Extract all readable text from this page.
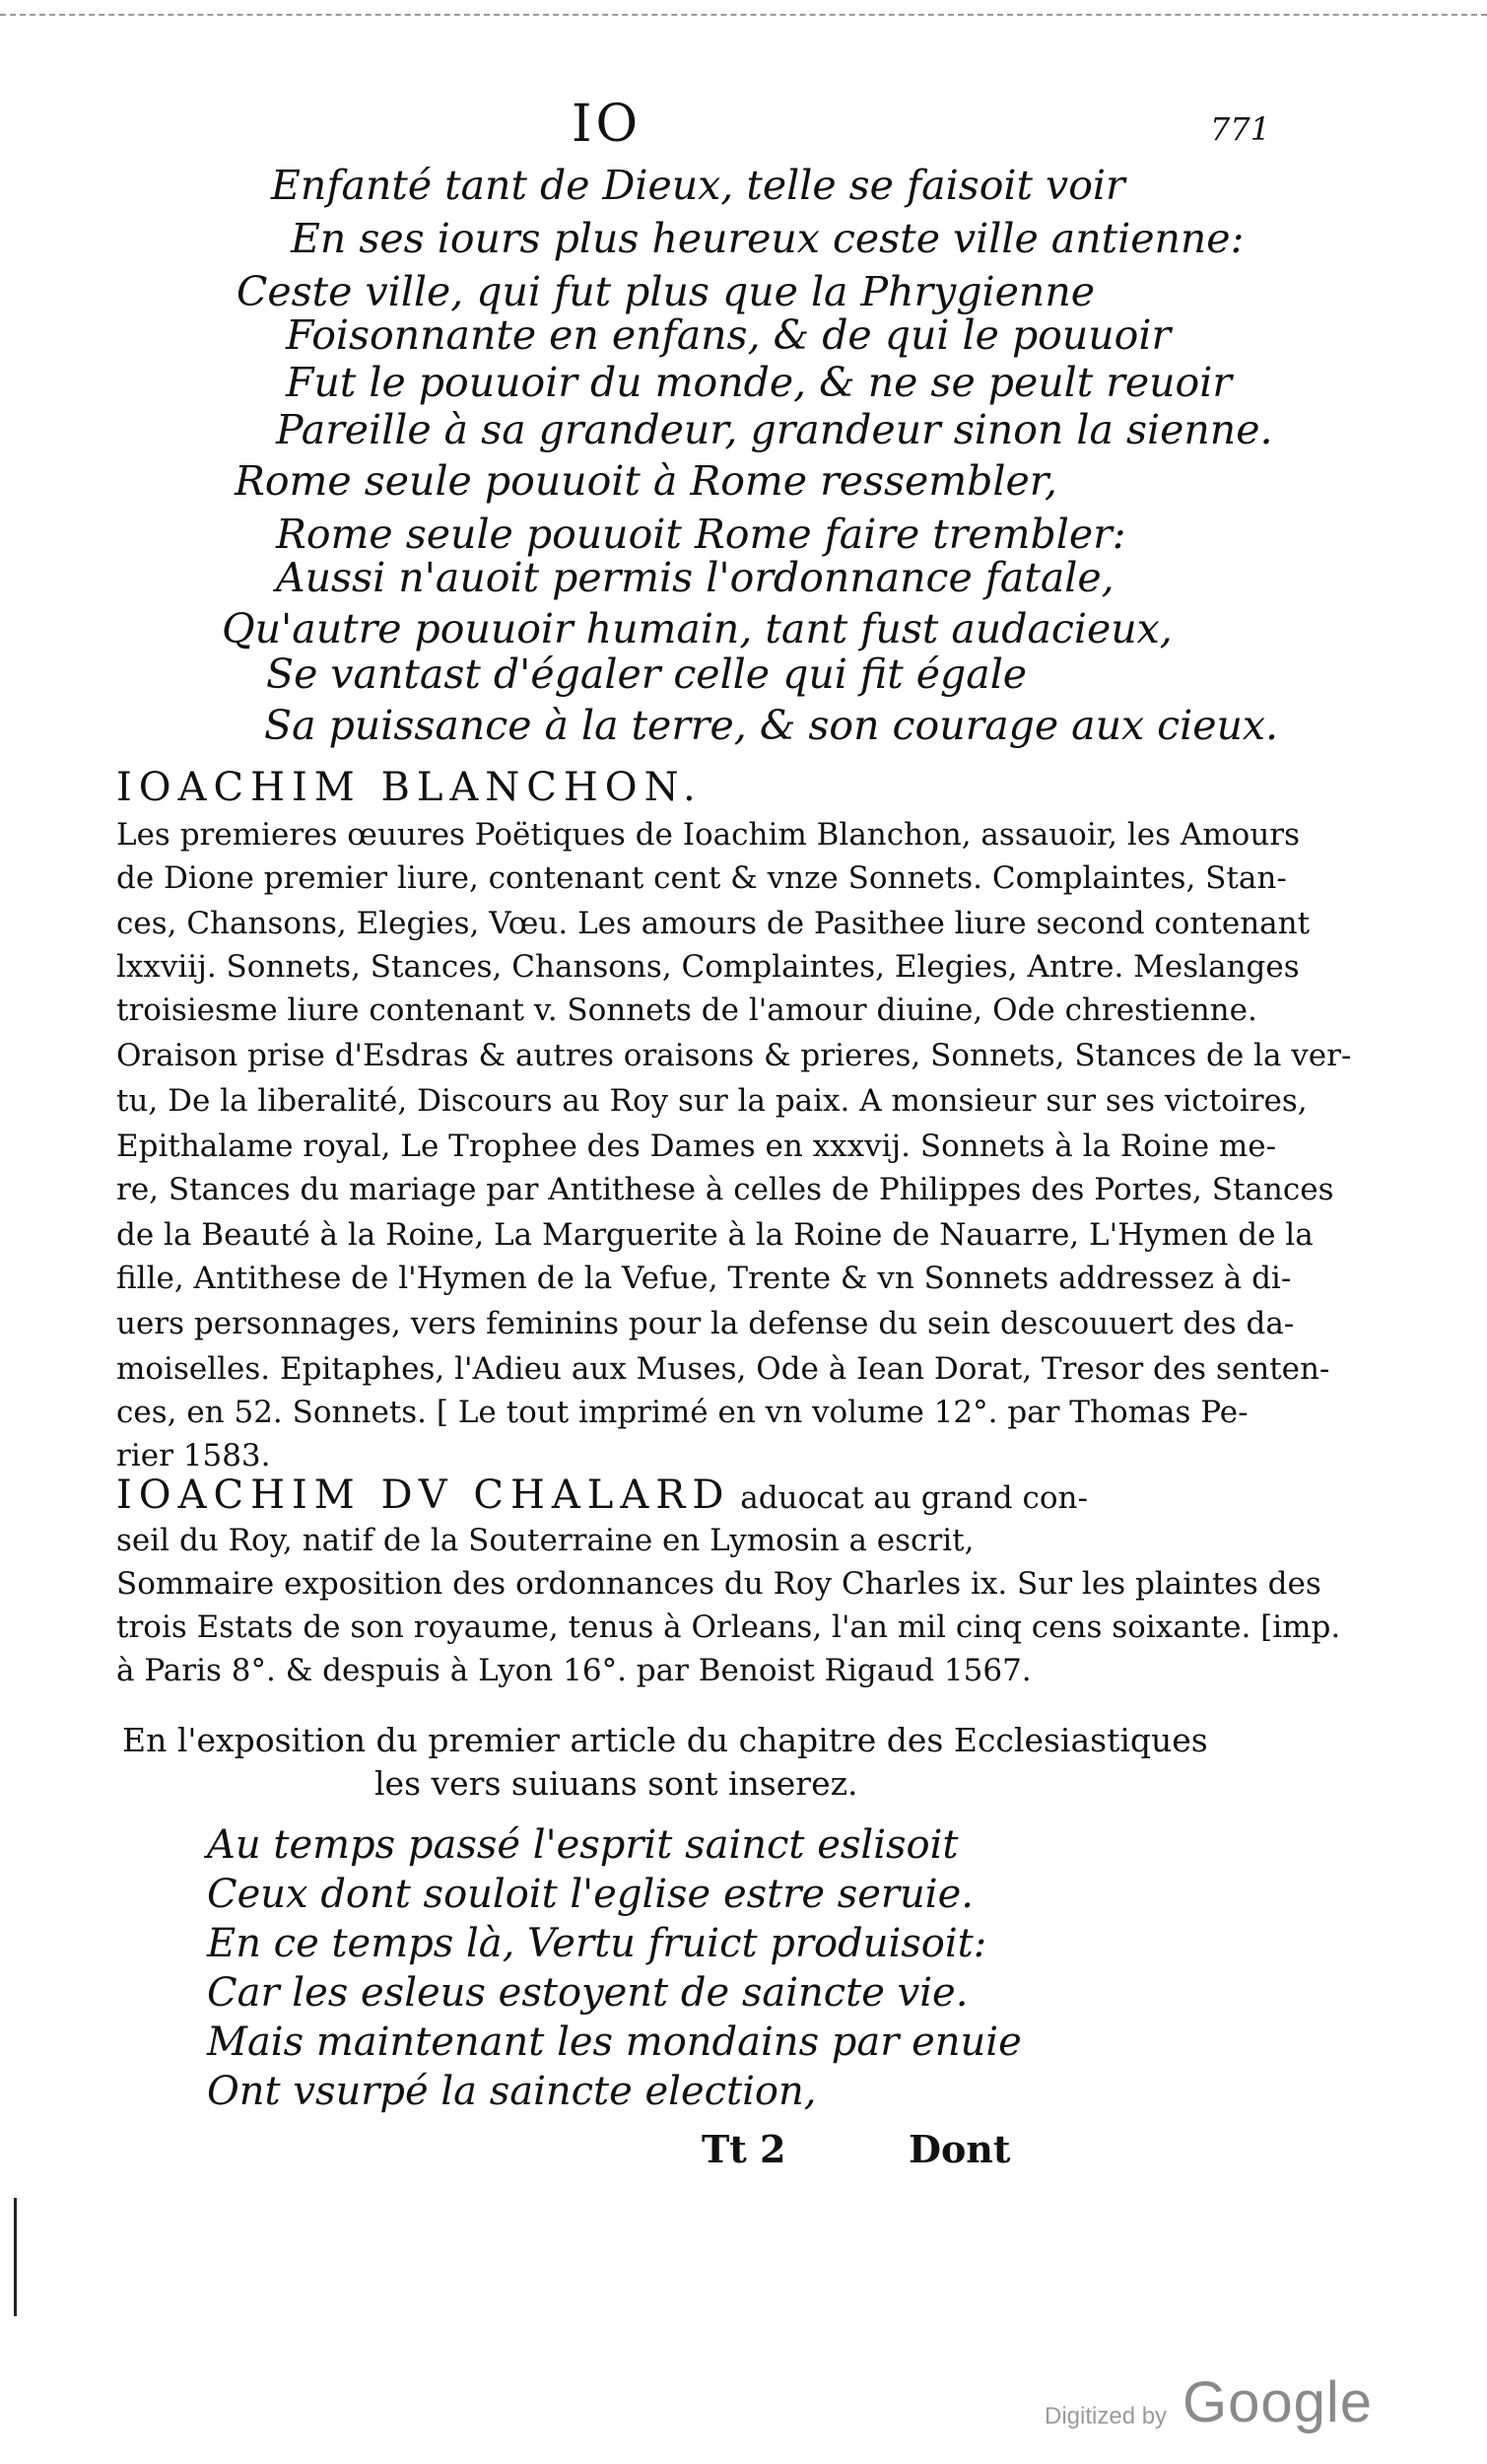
IO	771
Enfanté tant de Dieux, telle se faisoit voir
En ses iours plus heureux ceste ville antienne:
Ceste ville, qui fut plus que la Phrygienne
Foisonnante en enfans, & de qui le pouuoir
Fut le pouuoir du monde, & ne se peult reuoir
Pareille à sa grandeur, grandeur sinon la sienne.
Rome seule pouuoit à Rome ressembler,
Rome seule pouuoit Rome faire trembler:
Aussi n'auoit permis l'ordonnance fatale,
Qu'autre pouuoir humain, tant fust audacieux,
Se vantast d'égaler celle qui fit égale
Sa puissance à la terre, & son courage aux cieux.
IOACHIM BLANCHON.
Les premieres œuures Poëtiques de Ioachim Blanchon, assauoir, les Amours
de Dione premier liure, contenant cent & vnze Sonnets. Complaintes, Stan-
ces, Chansons, Elegies, Vœu. Les amours de Pasithee liure second contenant
lxxviij. Sonnets, Stances, Chansons, Complaintes, Elegies, Antre. Meslanges
troisiesme liure contenant v. Sonnets de l'amour diuine, Ode chrestienne.
Oraison prise d'Esdras & autres oraisons & prieres, Sonnets, Stances de la ver-
tu, De la liberalité, Discours au Roy sur la paix. A monsieur sur ses victoires,
Epithalame royal, Le Trophee des Dames en xxxvij. Sonnets à la Roine me-
re, Stances du mariage par Antithese à celles de Philippes des Portes, Stances
de la Beauté à la Roine, La Marguerite à la Roine de Nauarre, L'Hymen de la
fille, Antithese de l'Hymen de la Vefue, Trente & vn Sonnets addressez à di-
uers personnages, vers feminins pour la defense du sein descouuert des da-
moiselles. Epitaphes, l'Adieu aux Muses, Ode à Iean Dorat, Tresor des senten-
ces, en 52. Sonnets. [ Le tout imprimé en vn volume 12°. par Thomas Pe-
rier 1583.
IOACHIM DV CHALARD aduocat au grand con-
seil du Roy, natif de la Souterraine en Lymosin a escrit,
Sommaire exposition des ordonnances du Roy Charles ix. Sur les plaintes des
trois Estats de son royaume, tenus à Orleans, l'an mil cinq cens soixante. [imp.
à Paris 8°. & despuis à Lyon 16°. par Benoist Rigaud 1567.
En l'exposition du premier article du chapitre des Ecclesiastiques
les vers suiuans sont inserez.
Au temps passé l'esprit sainct eslisoit
Ceux dont souloit l'eglise estre seruie.
En ce temps là, Vertu fruict produisoit:
Car les esleus estoyent de saincte vie.
Mais maintenant les mondains par enuie
Ont vsurpé la saincte election,
Tt 2	Dont
Digitized by Google
